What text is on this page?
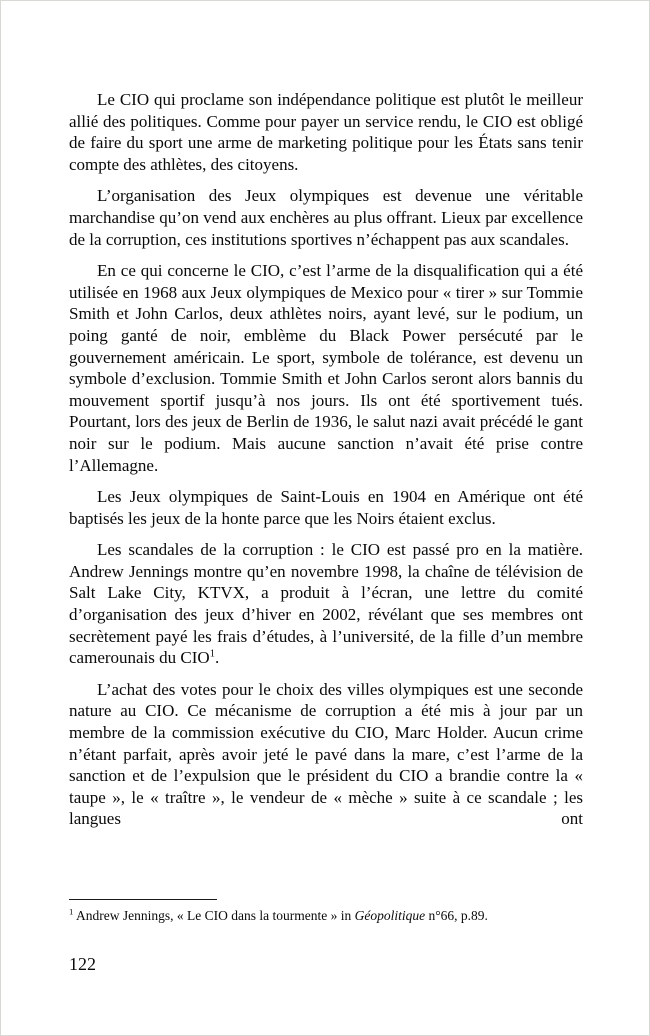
Le CIO qui proclame son indépendance politique est plutôt le meilleur allié des politiques. Comme pour payer un service rendu, le CIO est obligé de faire du sport une arme de marketing politique pour les États sans tenir compte des athlètes, des citoyens.

L’organisation des Jeux olympiques est devenue une véritable marchandise qu’on vend aux enchères au plus offrant. Lieux par excellence de la corruption, ces institutions sportives n’échappent pas aux scandales.

En ce qui concerne le CIO, c’est l’arme de la disqualification qui a été utilisée en 1968 aux Jeux olympiques de Mexico pour « tirer » sur Tommie Smith et John Carlos, deux athlètes noirs, ayant levé, sur le podium, un poing ganté de noir, emblème du Black Power persécuté par le gouvernement américain. Le sport, symbole de tolérance, est devenu un symbole d’exclusion. Tommie Smith et John Carlos seront alors bannis du mouvement sportif jusqu’à nos jours. Ils ont été sportivement tués. Pourtant, lors des jeux de Berlin de 1936, le salut nazi avait précédé le gant noir sur le podium. Mais aucune sanction n’avait été prise contre l’Allemagne.

Les Jeux olympiques de Saint-Louis en 1904 en Amérique ont été baptisés les jeux de la honte parce que les Noirs étaient exclus.

Les scandales de la corruption : le CIO est passé pro en la matière. Andrew Jennings montre qu’en novembre 1998, la chaîne de télévision de Salt Lake City, KTVX, a produit à l’écran, une lettre du comité d’organisation des jeux d’hiver en 2002, révélant que ses membres ont secrètement payé les frais d’études, à l’université, de la fille d’un membre camerounais du CIO$^1$.

L’achat des votes pour le choix des villes olympiques est une seconde nature au CIO. Ce mécanisme de corruption a été mis à jour par un membre de la commission exécutive du CIO, Marc Holder. Aucun crime n’étant parfait, après avoir jeté le pavé dans la mare, c’est l’arme de la sanction et de l’expulsion que le président du CIO a brandie contre la « taupe », le « traître », le vendeur de « mèche » suite à ce scandale ; les langues ont

$^1$ Andrew Jennings, « Le CIO dans la tourmente » in Géopolitique n°66, p.89.

122
